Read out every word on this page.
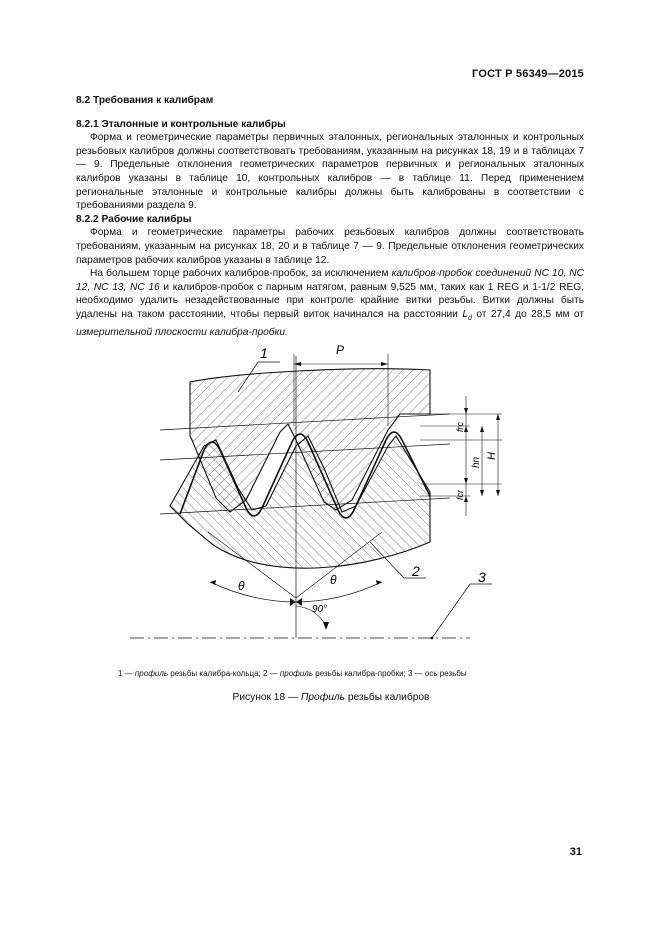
ГОСТ Р 56349—2015

8.2 Требования к калибрам

8.2.1 Эталонные и контрольные калибры

Форма и геометрические параметры первичных эталонных, региональных эталонных и контрольных резьбовых калибров должны соответствовать требованиям, указанным на рисунках 18, 19 и в таблицах 7 — 9. Предельные отклонения геометрических параметров первичных и региональных эталонных калибров указаны в таблице 10, контрольных калибров — в таблице 11. Перед применением региональные эталонные и контрольные калибры должны быть калиброваны в соответствии с требованиями раздела 9.

8.2.2 Рабочие калибры

Форма и геометрические параметры рабочих резьбовых калибров должны соответствовать требованиям, указанным на рисунках 18, 20 и в таблице 7 — 9. Предельные отклонения геометрических параметров рабочих калибров указаны в таблице 12.

На большем торце рабочих калибров-пробок, за исключением калибров-пробок соединений NC 10, NC 12, NC 13, NC 16 и калибров-пробок с парным натягом, равным 9,525 мм, таких как 1 REG и 1-1/2 REG, необходимо удалить незадействованные при контроле крайние витки резьбы. Витки должны быть удалены на таком расстоянии, чтобы первый виток начинался на расстоянии $L_d$ от 27,4 до 28,5 мм от измерительной плоскости калибра-пробки.

P
θ	θ
90°
1
2	3
frc
fcr
hn
H
1 — профиль резьбы калибра-кольца; 2 — профиль резьбы калибра-пробки; 3 — ось резьбы
Рисунок 18 — Профиль резьбы калибров
31
